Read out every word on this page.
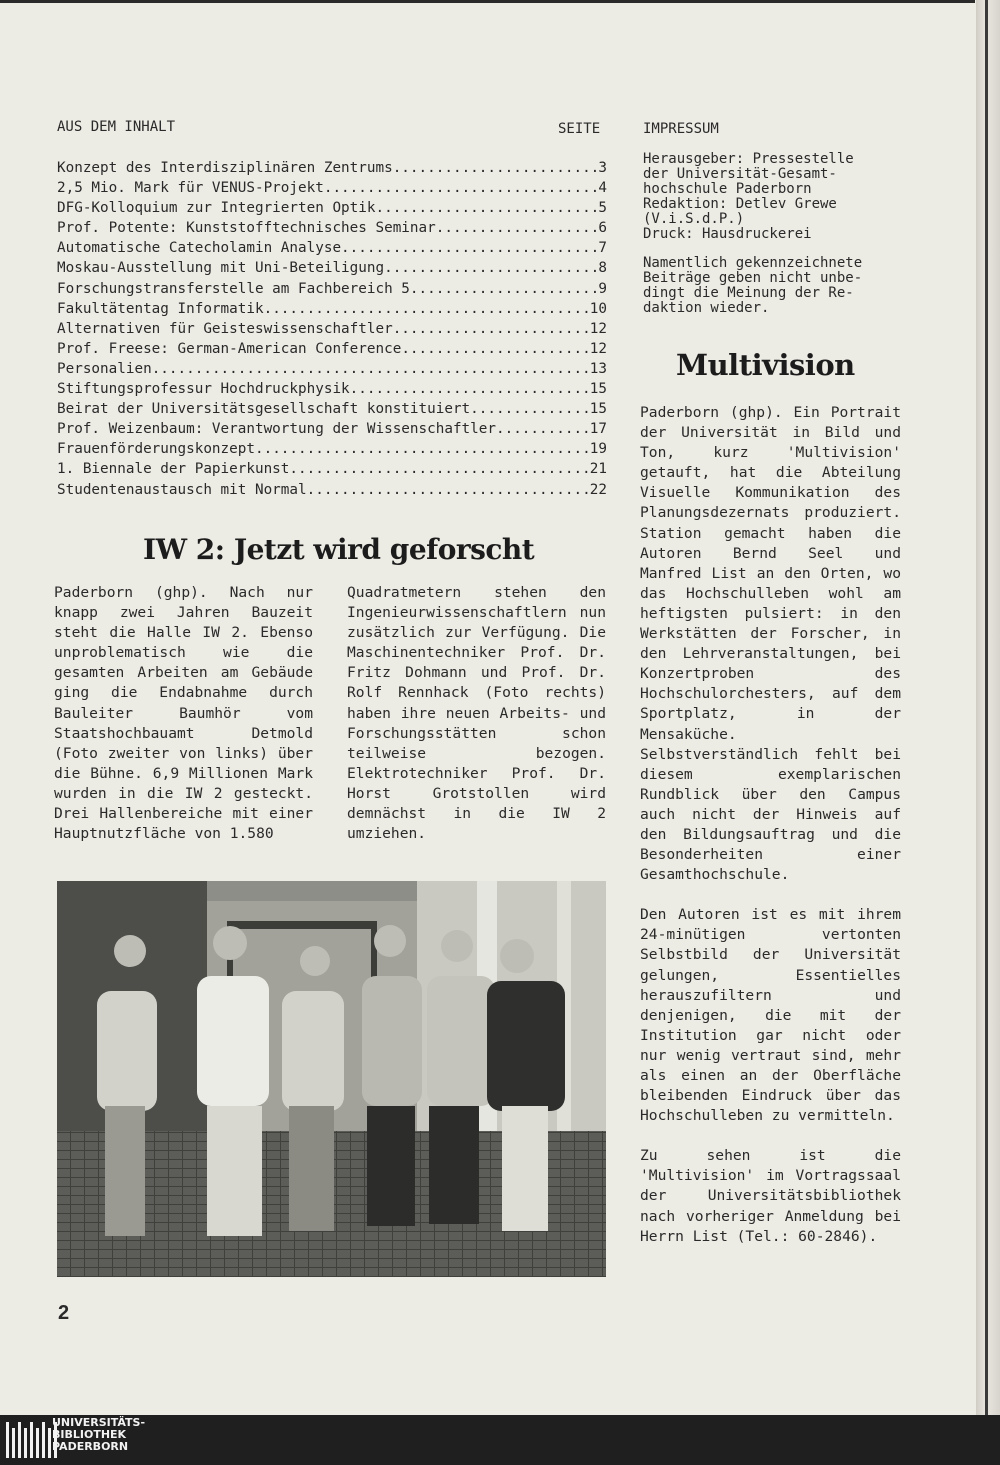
AUS DEM INHALT	SEITE	IMPRESSUM
Konzept des Interdisziplinären Zentrums .....	3
2,5 Mio. Mark für VENUS-Projekt .....	4
DFG-Kolloquium zur Integrierten Optik .....	5
Prof. Potente: Kunststofftechnisches Seminar .....	6
Automatische Catecholamin Analyse .....	7
Moskau-Ausstellung mit Uni-Beteiligung .....	8
Forschungstransferstelle am Fachbereich 5 .....	9
Fakultätentag Informatik .....	10
Alternativen für Geisteswissenschaftler .....	12
Prof. Freese: German-American Conference .....	12
Personalien .....	13
Stiftungsprofessur Hochdruckphysik .....	15
Beirat der Universitätsgesellschaft konstituiert .....	15
Prof. Weizenbaum: Verantwortung der Wissenschaftler .....	17
Frauenförderungskonzept .....	19
1. Biennale der Papierkunst .....	21
Studentenaustausch mit Normal .....	22

Herausgeber: Pressestelle
der Universität-Gesamt-
hochschule Paderborn
Redaktion: Detlev Grewe
(V.i.S.d.P.)
Druck: Hausdruckerei

Namentlich gekennzeichnete
Beiträge geben nicht unbe-
dingt die Meinung der Re-
daktion wieder.

Multivision

Paderborn (ghp). Ein Portrait der Universität in Bild und Ton, kurz 'Multivision' getauft, hat die Abteilung Visuelle Kommunikation des Planungsdezernats produziert. Station gemacht haben die Autoren Bernd Seel und Manfred List an den Orten, wo das Hochschulleben wohl am heftigsten pulsiert: in den Werkstätten der Forscher, in den Lehrveranstaltungen, bei Konzertproben des Hochschulorchesters, auf dem Sportplatz, in der Mensaküche. Selbstverständlich fehlt bei diesem exemplarischen Rundblick über den Campus auch nicht der Hinweis auf den Bildungsauftrag und die Besonderheiten einer Gesamthochschule.

Den Autoren ist es mit ihrem 24-minütigen vertonten Selbstbild der Universität gelungen, Essentielles herauszufiltern und denjenigen, die mit der Institution gar nicht oder nur wenig vertraut sind, mehr als einen an der Oberfläche bleibenden Eindruck über das Hochschulleben zu vermitteln.

Zu sehen ist die 'Multivision' im Vortragssaal der Universitätsbibliothek nach vorheriger Anmeldung bei Herrn List (Tel.: 60-2846).

IW 2: Jetzt wird geforscht

Paderborn (ghp). Nach nur knapp zwei Jahren Bauzeit steht die Halle IW 2. Ebenso unproblematisch wie die gesamten Arbeiten am Gebäude ging die Endabnahme durch Bauleiter Baumhör vom Staatshochbauamt Detmold (Foto zweiter von links) über die Bühne. 6,9 Millionen Mark wurden in die IW 2 gesteckt. Drei Hallenbereiche mit einer Hauptnutzfläche von 1.580

Quadratmetern stehen den Ingenieurwissenschaftlern nun zusätzlich zur Verfügung. Die Maschinentechniker Prof. Dr. Fritz Dohmann und Prof. Dr. Rolf Rennhack (Foto rechts) haben ihre neuen Arbeits- und Forschungsstätten schon teilweise bezogen. Elektrotechniker Prof. Dr. Horst Grotstollen wird demnächst in die IW 2 umziehen.

2
UNIVERSITÄTS-
BIBLIOTHEK
PADERBORN
